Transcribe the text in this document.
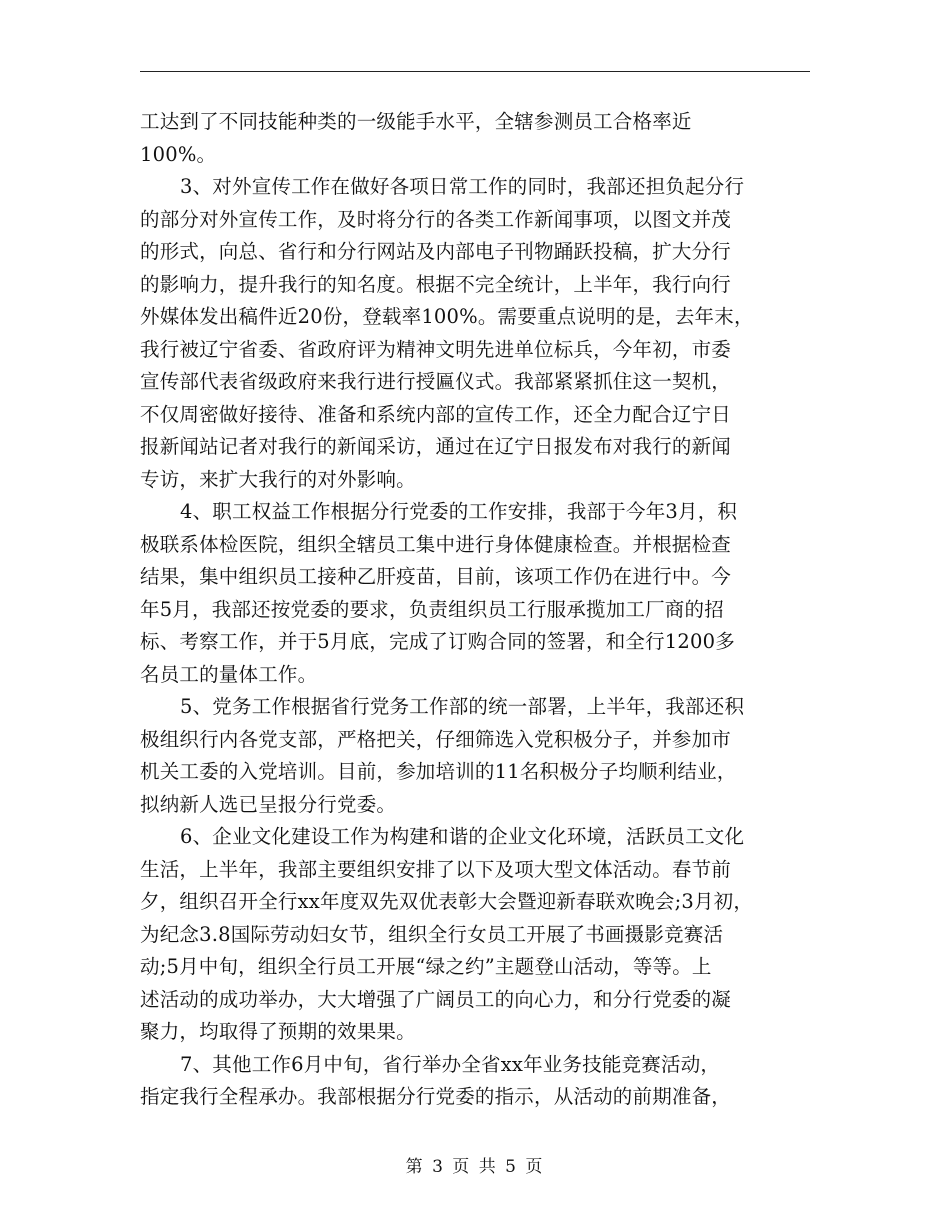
工达到了不同技能种类的一级能手水平，全辖参测员工合格率近
100%。
3、对外宣传工作在做好各项日常工作的同时，我部还担负起分行
的部分对外宣传工作，及时将分行的各类工作新闻事项，以图文并茂
的形式，向总、省行和分行网站及内部电子刊物踊跃投稿，扩大分行
的影响力，提升我行的知名度。根据不完全统计，上半年，我行向行
外媒体发出稿件近20份，登载率100%。需要重点说明的是，去年末，
我行被辽宁省委、省政府评为精神文明先进单位标兵，今年初，市委
宣传部代表省级政府来我行进行授匾仪式。我部紧紧抓住这一契机，
不仅周密做好接待、准备和系统内部的宣传工作，还全力配合辽宁日
报新闻站记者对我行的新闻采访，通过在辽宁日报发布对我行的新闻
专访，来扩大我行的对外影响。
4、职工权益工作根据分行党委的工作安排，我部于今年3月，积
极联系体检医院，组织全辖员工集中进行身体健康检查。并根据检查
结果，集中组织员工接种乙肝疫苗，目前，该项工作仍在进行中。今
年5月，我部还按党委的要求，负责组织员工行服承揽加工厂商的招
标、考察工作，并于5月底，完成了订购合同的签署，和全行1200多
名员工的量体工作。
5、党务工作根据省行党务工作部的统一部署，上半年，我部还积
极组织行内各党支部，严格把关，仔细筛选入党积极分子，并参加市
机关工委的入党培训。目前，参加培训的11名积极分子均顺利结业，
拟纳新人选已呈报分行党委。
6、企业文化建设工作为构建和谐的企业文化环境，活跃员工文化
生活，上半年，我部主要组织安排了以下及项大型文体活动。春节前
夕，组织召开全行xx年度双先双优表彰大会暨迎新春联欢晚会;3月初，
为纪念3.8国际劳动妇女节，组织全行女员工开展了书画摄影竞赛活
动;5月中旬，组织全行员工开展“绿之约”主题登山活动，等等。上
述活动的成功举办，大大增强了广阔员工的向心力，和分行党委的凝
聚力，均取得了预期的效果果。
7、其他工作6月中旬，省行举办全省xx年业务技能竞赛活动，
指定我行全程承办。我部根据分行党委的指示，从活动的前期准备，
第 3 页 共 5 页
